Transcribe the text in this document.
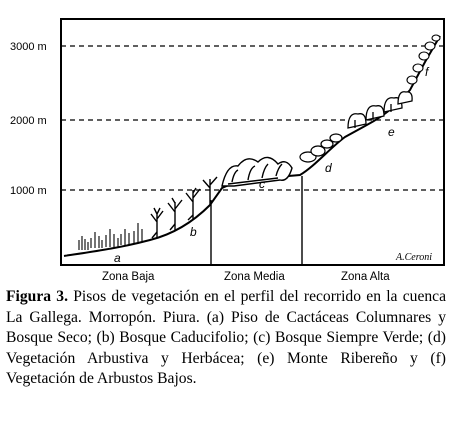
3000 m
2000 m
1000 m
Zona Baja	Zona Media	Zona Alta
a
b
c
d
e
f
A.Ceroni

Figura 3. Pisos de vegetación en el perfil del recorrido en la cuenca La Gallega. Morropón. Piura. (a) Piso de Cactáceas Columnares y Bosque Seco; (b) Bosque Caducifolio; (c) Bosque Siempre Verde; (d) Vegetación Arbustiva y Herbácea; (e) Monte Ribereño y (f) Vegetación de Arbustos Bajos.
